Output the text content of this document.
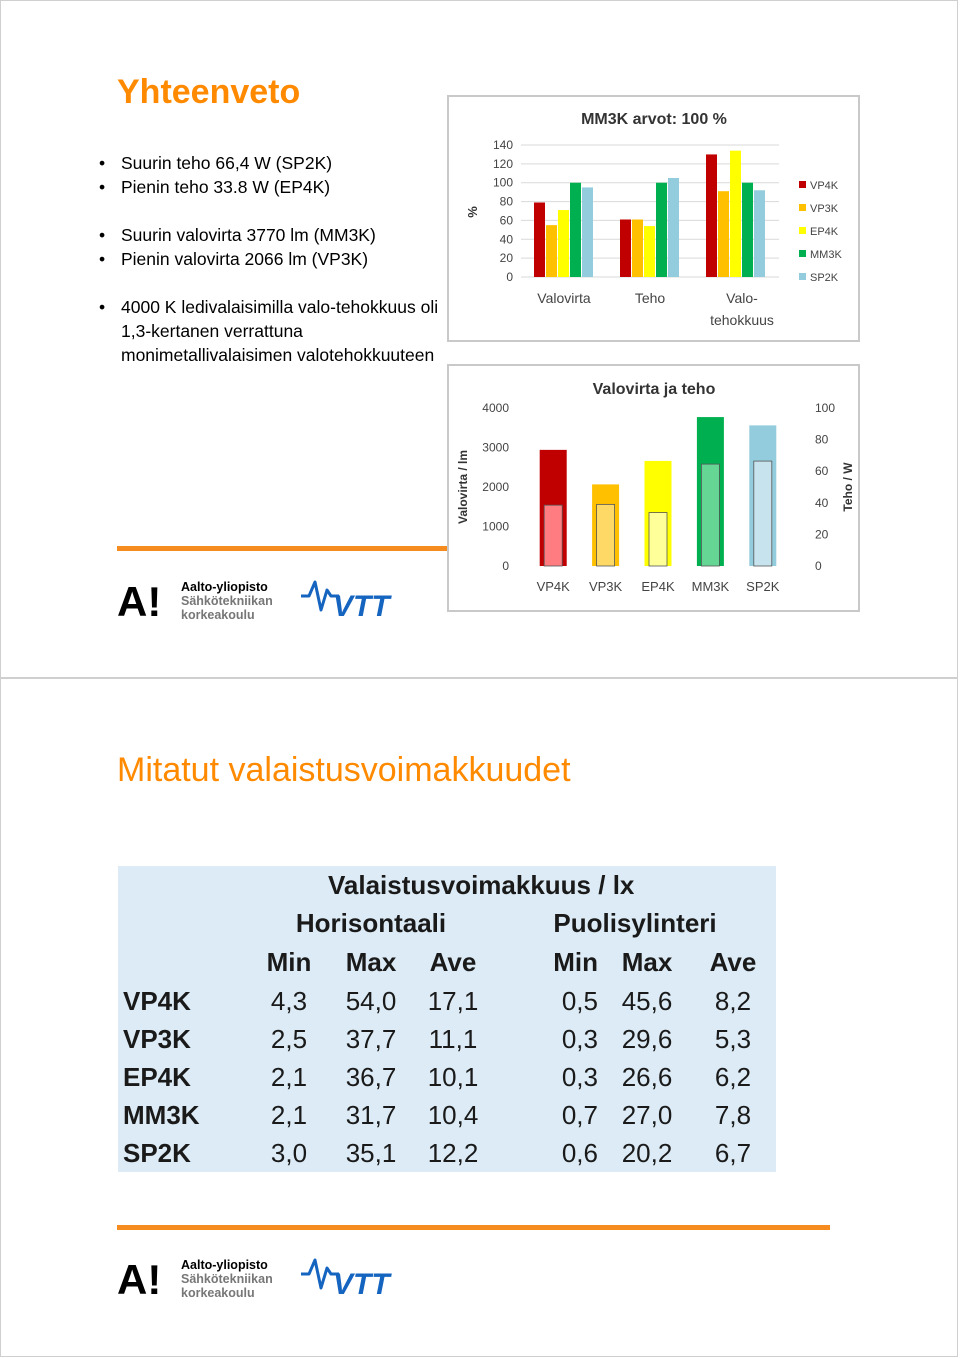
Yhteenveto
• Suurin teho 66,4 W (SP2K)
• Pienin teho 33.8 W (EP4K)
• Suurin valovirta 3770 lm (MM3K)
• Pienin valovirta 2066 lm (VP3K)
• 4000 K ledivalaisimilla valo-tehokkuus oli 1,3-kertanen verrattuna monimetallivalaisimen valotehokkuuteen
MM3K arvot: 100 %
0
20
40
60
80
100
120
140
%
Valovirta	Teho	Valo-
tehokkuus
VP4K
VP3K
EP4K
MM3K
SP2K
Valovirta ja teho
0
1000
2000
3000
4000
0
20
40
60
80
100
Valovirta / lm	Teho / W
VP4K VP3K EP4K MM3K SP2K
A! Aalto-yliopisto
Sähkötekniikan
korkeakoulu	VTT
Mitatut valaistusvoimakkuudet
	Valaistusvoimakkuus / lx					
	Horisontaali			Puolisylinteri		
	Min	Max	Ave	Min	Max	Ave
VP4K	4,3	54,0	17,1	0,5	45,6	8,2
VP3K	2,5	37,7	11,1	0,3	29,6	5,3
EP4K	2,1	36,7	10,1	0,3	26,6	6,2
MM3K	2,1	31,7	10,4	0,7	27,0	7,8
SP2K	3,0	35,1	12,2	0,6	20,2	6,7
A! Aalto-yliopisto
Sähkötekniikan
korkeakoulu	VTT
